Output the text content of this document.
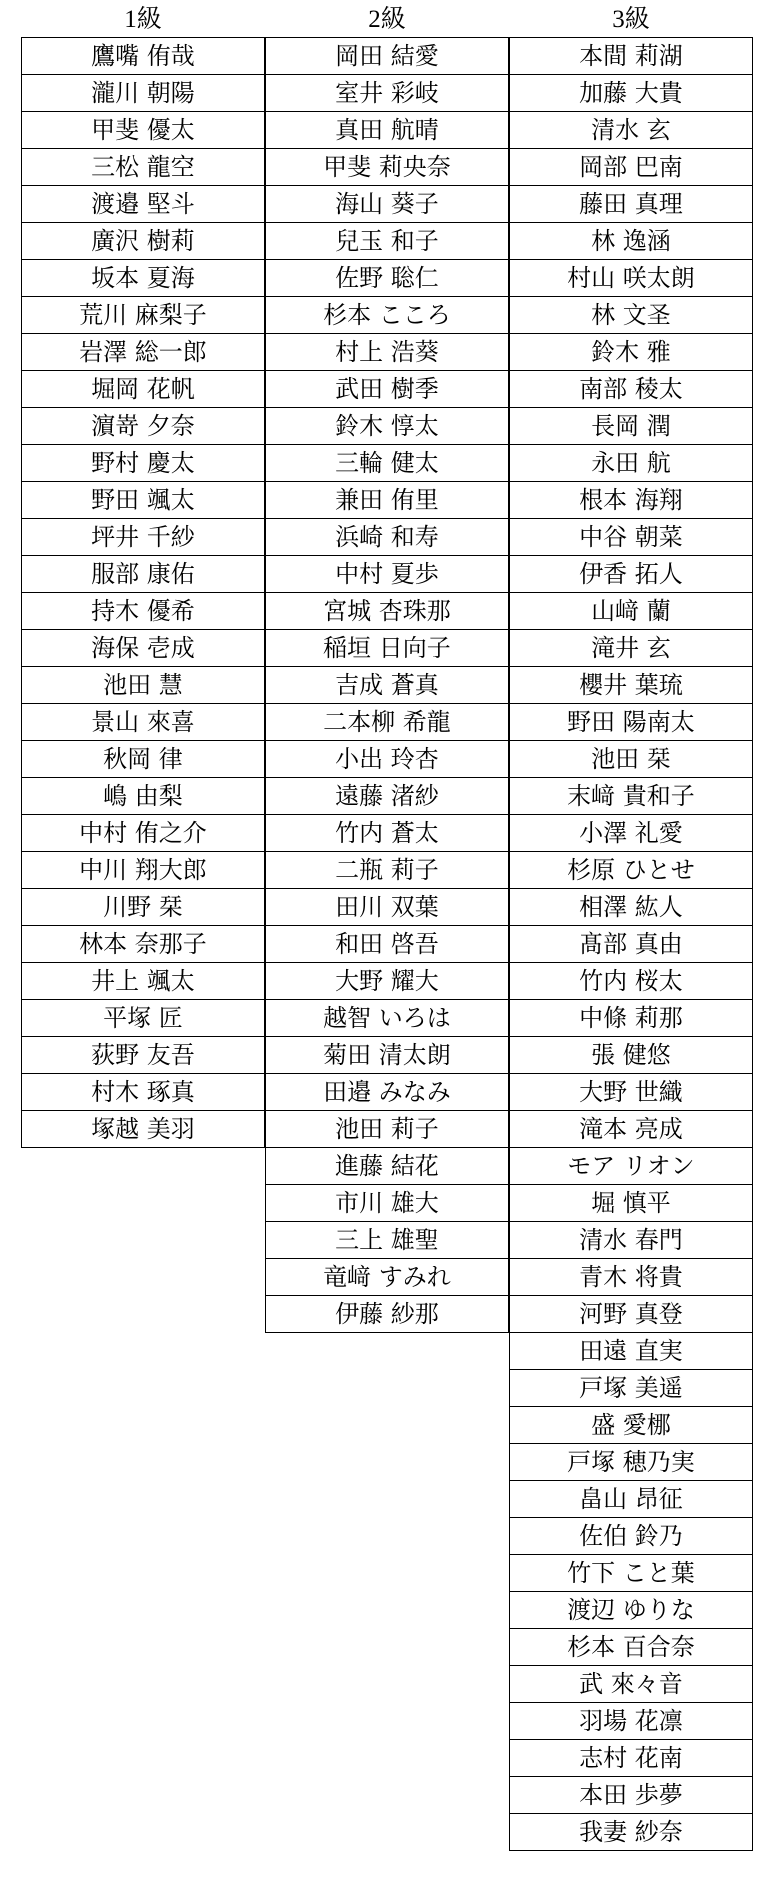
1級
鷹嘴 侑哉
瀧川 朝陽
甲斐 優太
三松 龍空
渡邉 堅斗
廣沢 樹莉
坂本 夏海
荒川 麻梨子
岩澤 総一郎
堀岡 花帆
濵嵜 夕奈
野村 慶太
野田 颯太
坪井 千紗
服部 康佑
持木 優希
海保 壱成
池田 慧
景山 來喜
秋岡 律
嶋 由梨
中村 侑之介
中川 翔大郎
川野 栞
林本 奈那子
井上 颯太
平塚 匠
荻野 友吾
村木 琢真
塚越 美羽
2級
岡田 結愛
室井 彩岐
真田 航晴
甲斐 莉央奈
海山 葵子
兒玉 和子
佐野 聡仁
杉本 こころ
村上 浩葵
武田 樹季
鈴木 惇太
三輪 健太
兼田 侑里
浜崎 和寿
中村 夏歩
宮城 杏珠那
稲垣 日向子
吉成 蒼真
二本柳 希龍
小出 玲杏
遠藤 渚紗
竹内 蒼太
二瓶 莉子
田川 双葉
和田 啓吾
大野 耀大
越智 いろは
菊田 清太朗
田邉 みなみ
池田 莉子
進藤 結花
市川 雄大
三上 雄聖
竜﨑 すみれ
伊藤 紗那
3級
本間 莉湖
加藤 大貴
清水 玄
岡部 巴南
藤田 真理
林 逸涵
村山 咲太朗
林 文圣
鈴木 雅
南部 稜太
長岡 潤
永田 航
根本 海翔
中谷 朝菜
伊香 拓人
山﨑 蘭
滝井 玄
櫻井 葉琉
野田 陽南太
池田 栞
末﨑 貴和子
小澤 礼愛
杉原 ひとせ
相澤 紘人
髙部 真由
竹内 桜太
中條 莉那
張 健悠
大野 世織
滝本 亮成
モア リオン
堀 慎平
清水 春門
青木 将貴
河野 真登
田遠 直実
戸塚 美遥
盛 愛梛
戸塚 穂乃実
畠山 昂征
佐伯 鈴乃
竹下 こと葉
渡辺 ゆりな
杉本 百合奈
武 來々音
羽場 花凛
志村 花南
本田 歩夢
我妻 紗奈
